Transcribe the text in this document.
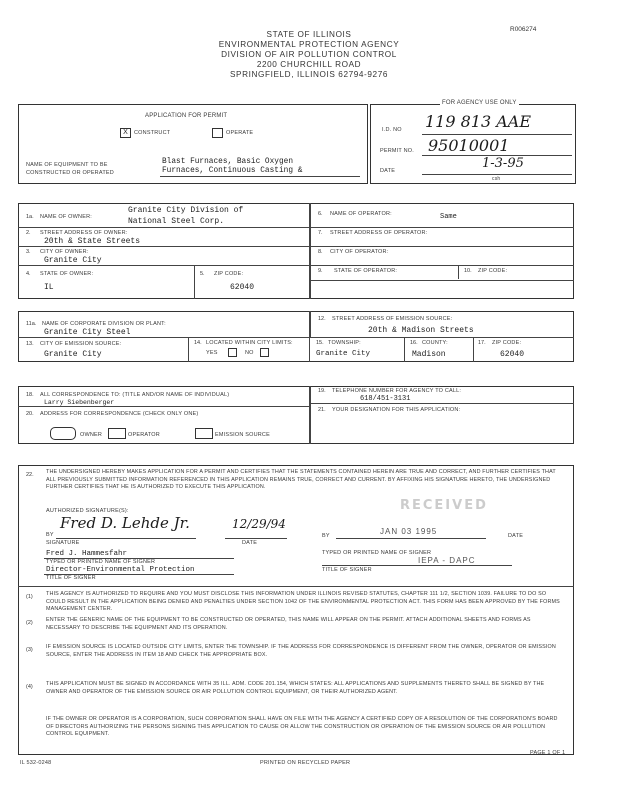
R006274
STATE OF ILLINOIS
ENVIRONMENTAL PROTECTION AGENCY
DIVISION OF AIR POLLUTION CONTROL
2200 CHURCHILL ROAD
SPRINGFIELD, ILLINOIS 62794-9276
APPLICATION FOR PERMIT
X	CONSTRUCT	OPERATE
NAME OF EQUIPMENT TO BE
CONSTRUCTED OR OPERATED
Blast Furnaces, Basic Oxygen
Furnaces, Continuous Casting &
FOR AGENCY USE ONLY
I.D. NO 119 813 AAE
PERMIT NO. 95010001
DATE	1-3-95
csh
1a. NAME OF OWNER:
Granite City Division of
National Steel Corp.
2. STREET ADDRESS OF OWNER:
20th & State Streets
3. CITY OF OWNER:
Granite City
4. STATE OF OWNER:
IL
5. ZIP CODE:
62040
6. NAME OF OPERATOR:	Same
7. STREET ADDRESS OF OPERATOR:
8. CITY OF OPERATOR:
9. STATE OF OPERATOR:	10. ZIP CODE:
11a. NAME OF CORPORATE DIVISION OR PLANT:
Granite City Steel
12. STREET ADDRESS OF EMISSION SOURCE:
20th & Madison Streets
13. CITY OF EMISSION SOURCE:
Granite City
14. LOCATED WITHIN CITY LIMITS:
YES	NO
15. TOWNSHIP:
Granite City
16. COUNTY:
Madison
17. ZIP CODE:
62040
18. ALL CORRESPONDENCE TO: (TITLE AND/OR NAME OF INDIVIDUAL)
Larry Siebenberger
19. TELEPHONE NUMBER FOR AGENCY TO CALL:
618/451-3131
20. ADDRESS FOR CORRESPONDENCE (CHECK ONLY ONE)
OWNER	OPERATOR	EMISSION SOURCE
21. YOUR DESIGNATION FOR THIS APPLICATION:
22. THE UNDERSIGNED HEREBY MAKES APPLICATION FOR A PERMIT AND CERTIFIES THAT THE STATEMENTS CONTAINED HEREIN ARE TRUE AND CORRECT, AND FURTHER CERTIFIES THAT ALL PREVIOUSLY SUBMITTED INFORMATION REFERENCED IN THIS APPLICATION REMAINS TRUE, CORRECT AND CURRENT. BY AFFIXING HIS SIGNATURE HERETO, THE UNDERSIGNED FURTHER CERTIFIES THAT HE IS AUTHORIZED TO EXECUTE THIS APPLICATION.
AUTHORIZED SIGNATURE(S):	RECEIVED
BY
Fred D. Lehde Jr.
SIGNATURE
12/29/94
DATE
BY	JAN 03 1995	DATE
Fred J. Hammesfahr
TYPED OR PRINTED NAME OF SIGNER
Director-Environmental Protection
TITLE OF SIGNER
TYPED OR PRINTED NAME OF SIGNER
IEPA - DAPC
TITLE OF SIGNER
(1) THIS AGENCY IS AUTHORIZED TO REQUIRE AND YOU MUST DISCLOSE THIS INFORMATION UNDER ILLINOIS REVISED STATUTES, CHAPTER 111 1/2, SECTION 1039. FAILURE TO DO SO COULD RESULT IN THE APPLICATION BEING DENIED AND PENALTIES UNDER SECTION 1042 OF THE ENVIRONMENTAL PROTECTION ACT. THIS FORM HAS BEEN APPROVED BY THE FORMS MANAGEMENT CENTER.
(2) ENTER THE GENERIC NAME OF THE EQUIPMENT TO BE CONSTRUCTED OR OPERATED, THIS NAME WILL APPEAR ON THE PERMIT. ATTACH ADDITIONAL SHEETS AND FORMS AS NECESSARY TO DESCRIBE THE EQUIPMENT AND ITS OPERATION.
(3) IF EMISSION SOURCE IS LOCATED OUTSIDE CITY LIMITS, ENTER THE TOWNSHIP. IF THE ADDRESS FOR CORRESPONDENCE IS DIFFERENT FROM THE OWNER, OPERATOR OR EMISSION SOURCE, ENTER THE ADDRESS IN ITEM 18 AND CHECK THE APPROPRIATE BOX.
(4) THIS APPLICATION MUST BE SIGNED IN ACCORDANCE WITH 35 ILL. ADM. CODE 201.154, WHICH STATES: ALL APPLICATIONS AND SUPPLEMENTS THERETO SHALL BE SIGNED BY THE OWNER AND OPERATOR OF THE EMISSION SOURCE OR AIR POLLUTION CONTROL EQUIPMENT, OR THEIR AUTHORIZED AGENT.
IF THE OWNER OR OPERATOR IS A CORPORATION, SUCH CORPORATION SHALL HAVE ON FILE WITH THE AGENCY A CERTIFIED COPY OF A RESOLUTION OF THE CORPORATION'S BOARD OF DIRECTORS AUTHORIZING THE PERSONS SIGNING THIS APPLICATION TO CAUSE OR ALLOW THE CONSTRUCTION OR OPERATION OF THE EMISSION SOURCE OR AIR POLLUTION CONTROL EQUIPMENT.
IL 532-0248	PRINTED ON RECYCLED PAPER
PAGE 1 OF 1
